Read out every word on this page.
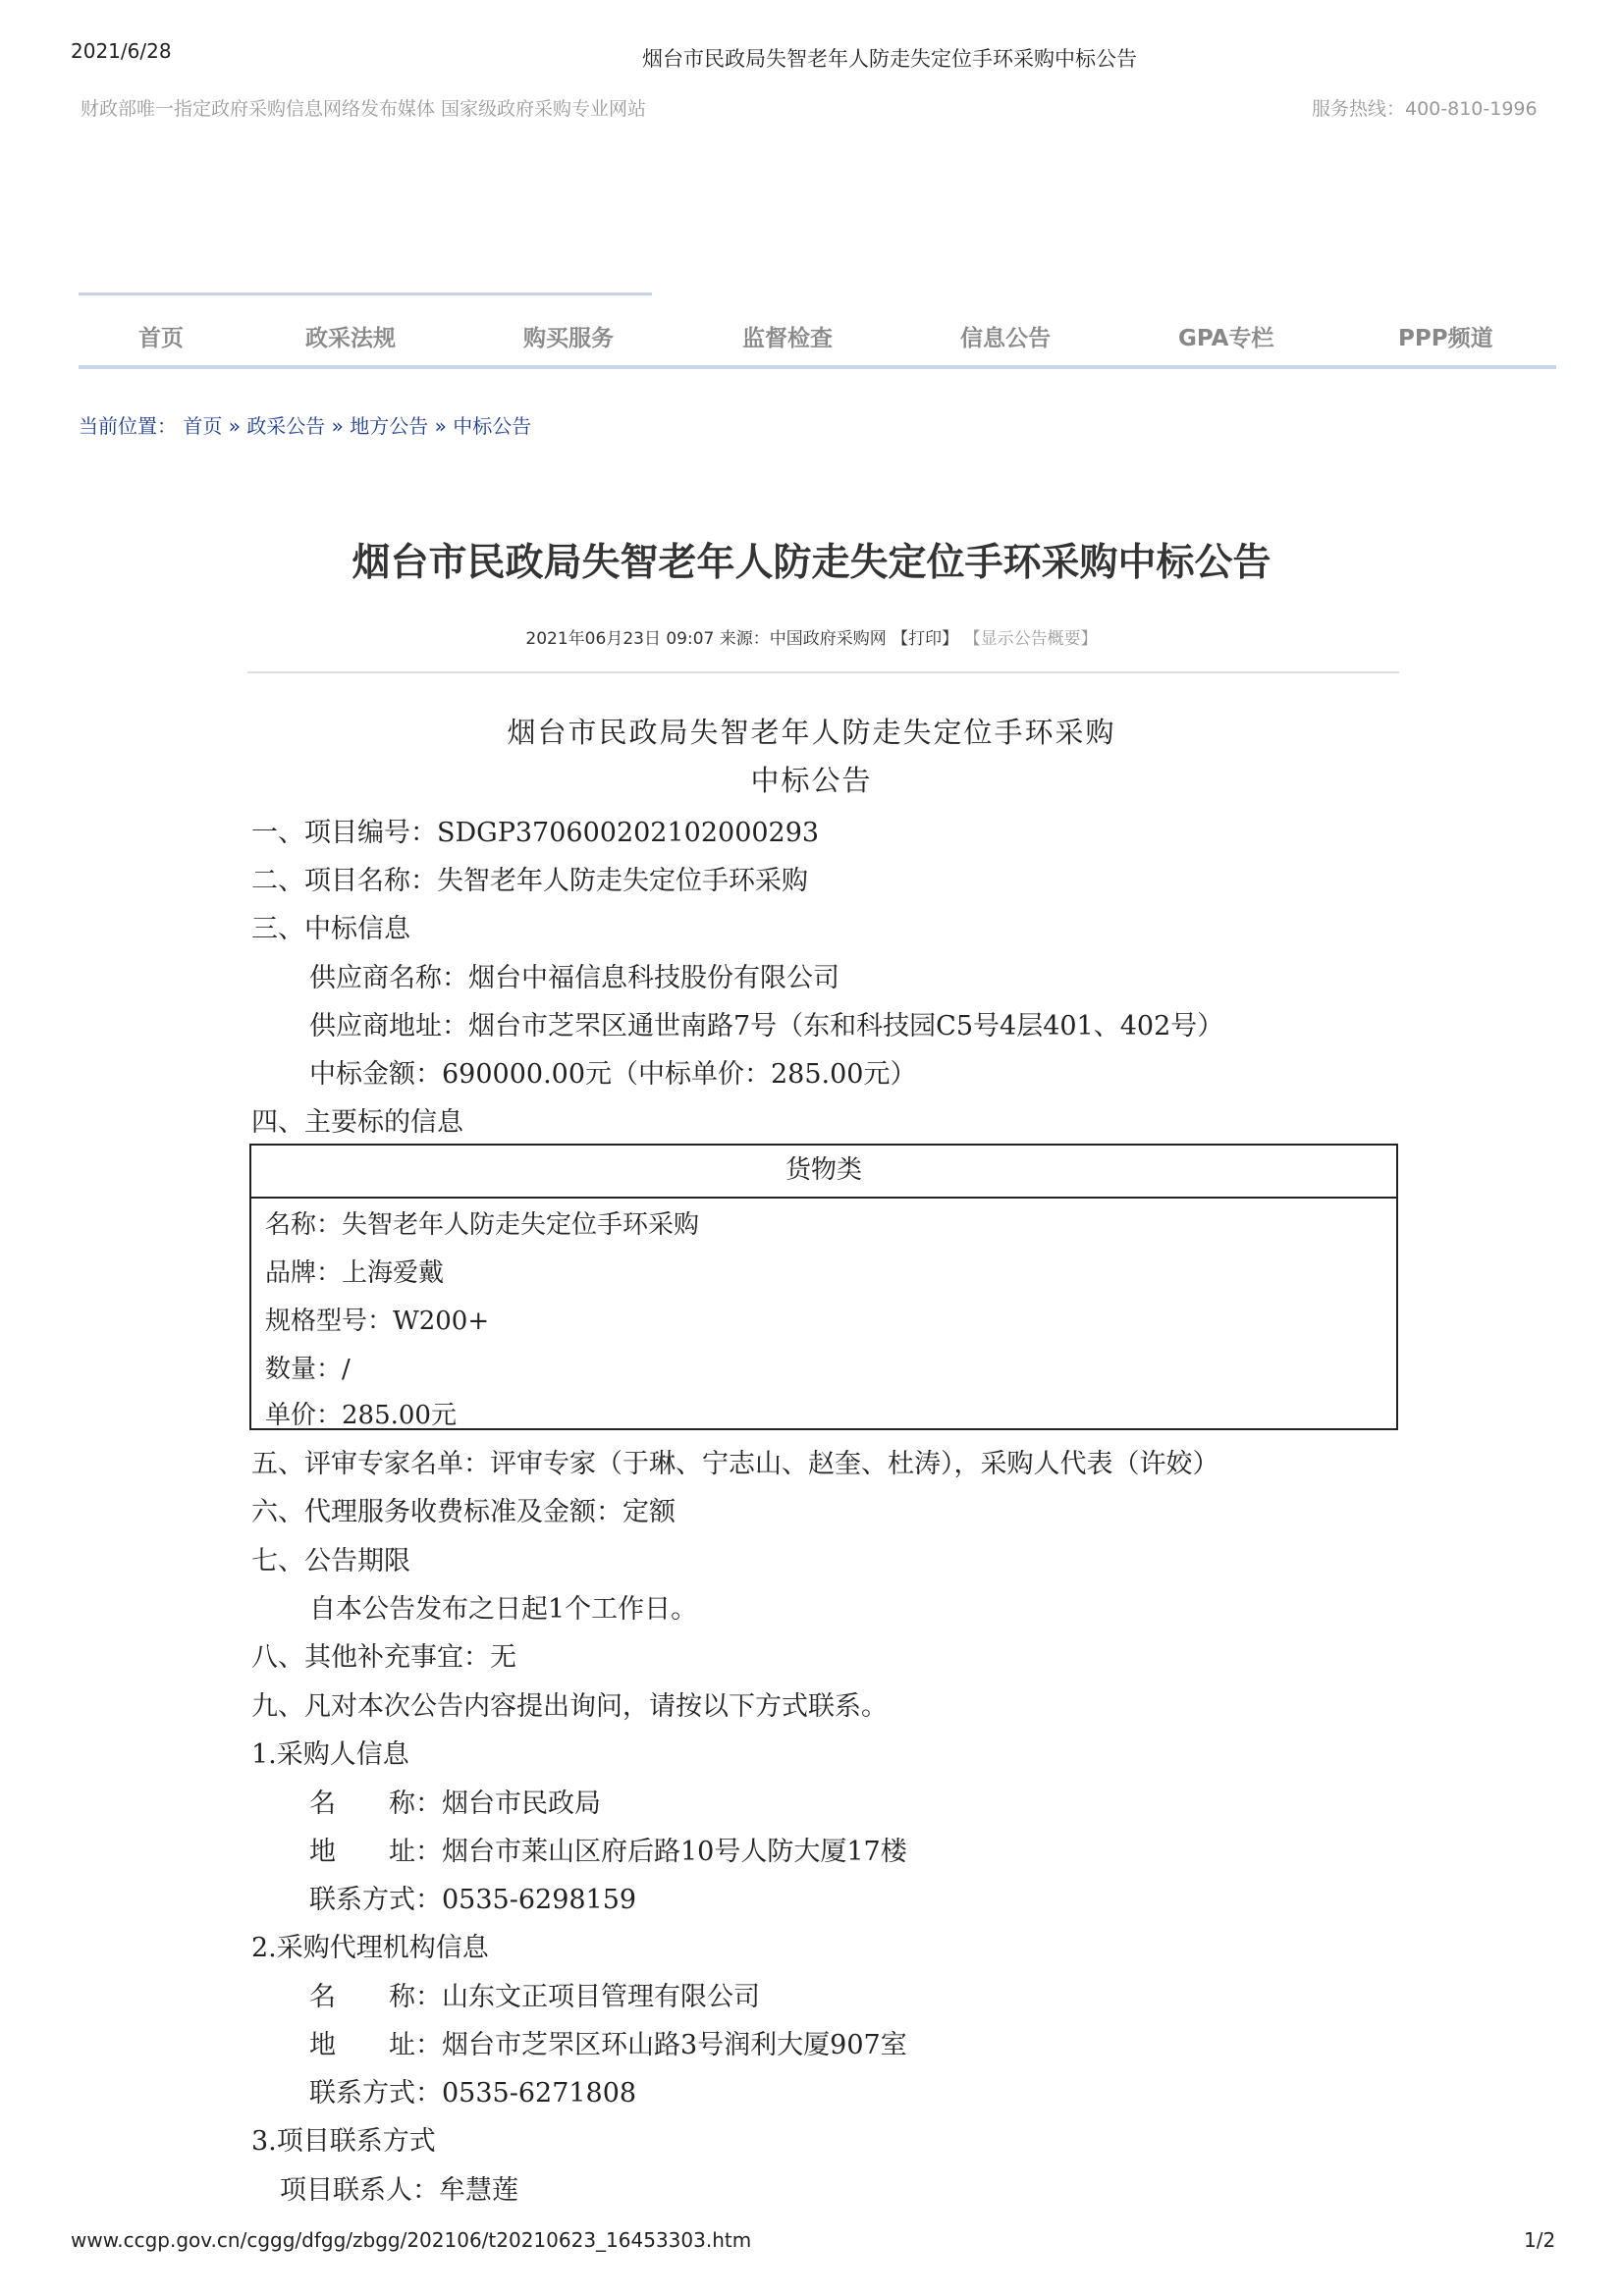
2021/6/28	烟台市民政局失智老年人防走失定位手环采购中标公告
财政部唯一指定政府采购信息网络发布媒体 国家级政府采购专业网站	服务热线：400-810-1996
首页	政采法规	购买服务	监督检查	信息公告	GPA专栏	PPP频道
当前位置： 首页 » 政采公告 » 地方公告 » 中标公告
烟台市民政局失智老年人防走失定位手环采购中标公告
2021年06月23日 09:07 来源：中国政府采购网 【打印】 【显示公告概要】
烟台市民政局失智老年人防走失定位手环采购
中标公告
一、项目编号：SDGP370600202102000293
二、项目名称：失智老年人防走失定位手环采购
三、中标信息
供应商名称：烟台中福信息科技股份有限公司
供应商地址：烟台市芝罘区通世南路7号（东和科技园C5号4层401、402号）
中标金额：690000.00元（中标单价：285.00元）
四、主要标的信息
货物类
名称：失智老年人防走失定位手环采购
品牌：上海爱戴
规格型号：W200+
数量：/
单价：285.00元
五、评审专家名单：评审专家（于琳、宁志山、赵奎、杜涛），采购人代表（许姣）
六、代理服务收费标准及金额：定额
七、公告期限
自本公告发布之日起1个工作日。
八、其他补充事宜：无
九、凡对本次公告内容提出询问，请按以下方式联系。
1.采购人信息
名　　称：烟台市民政局
地　　址：烟台市莱山区府后路10号人防大厦17楼
联系方式：0535-6298159
2.采购代理机构信息
名　　称：山东文正项目管理有限公司
地　　址：烟台市芝罘区环山路3号润利大厦907室
联系方式：0535-6271808
3.项目联系方式
项目联系人：牟慧莲
www.ccgp.gov.cn/cggg/dfgg/zbgg/202106/t20210623_16453303.htm	1/2
